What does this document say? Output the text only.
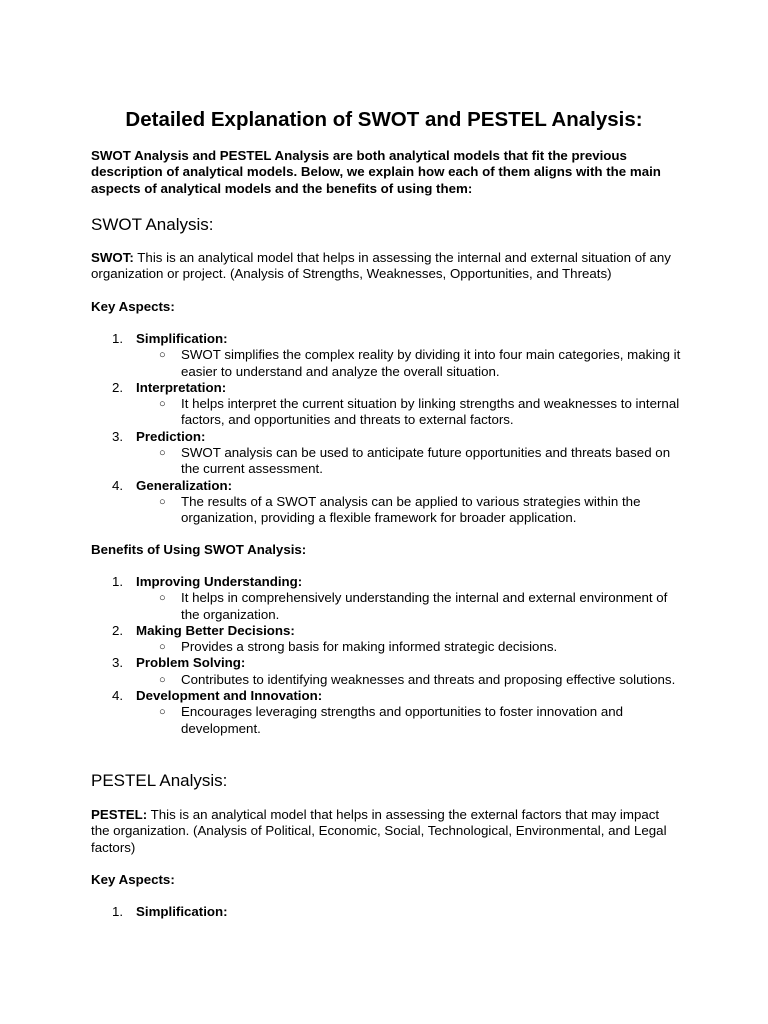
Detailed Explanation of SWOT and PESTEL Analysis:

SWOT Analysis and PESTEL Analysis are both analytical models that fit the previous description of analytical models. Below, we explain how each of them aligns with the main aspects of analytical models and the benefits of using them:

SWOT Analysis:

SWOT: This is an analytical model that helps in assessing the internal and external situation of any organization or project. (Analysis of Strengths, Weaknesses, Opportunities, and Threats)

Key Aspects:

1. Simplification:
○ SWOT simplifies the complex reality by dividing it into four main categories, making it easier to understand and analyze the overall situation.
2. Interpretation:
○ It helps interpret the current situation by linking strengths and weaknesses to internal factors, and opportunities and threats to external factors.
3. Prediction:
○ SWOT analysis can be used to anticipate future opportunities and threats based on the current assessment.
4. Generalization:
○ The results of a SWOT analysis can be applied to various strategies within the organization, providing a flexible framework for broader application.

Benefits of Using SWOT Analysis:

1. Improving Understanding:
○ It helps in comprehensively understanding the internal and external environment of the organization.
2. Making Better Decisions:
○ Provides a strong basis for making informed strategic decisions.
3. Problem Solving:
○ Contributes to identifying weaknesses and threats and proposing effective solutions.
4. Development and Innovation:
○ Encourages leveraging strengths and opportunities to foster innovation and development.
PESTEL Analysis:

PESTEL: This is an analytical model that helps in assessing the external factors that may impact the organization. (Analysis of Political, Economic, Social, Technological, Environmental, and Legal factors)

Key Aspects:

1. Simplification:
